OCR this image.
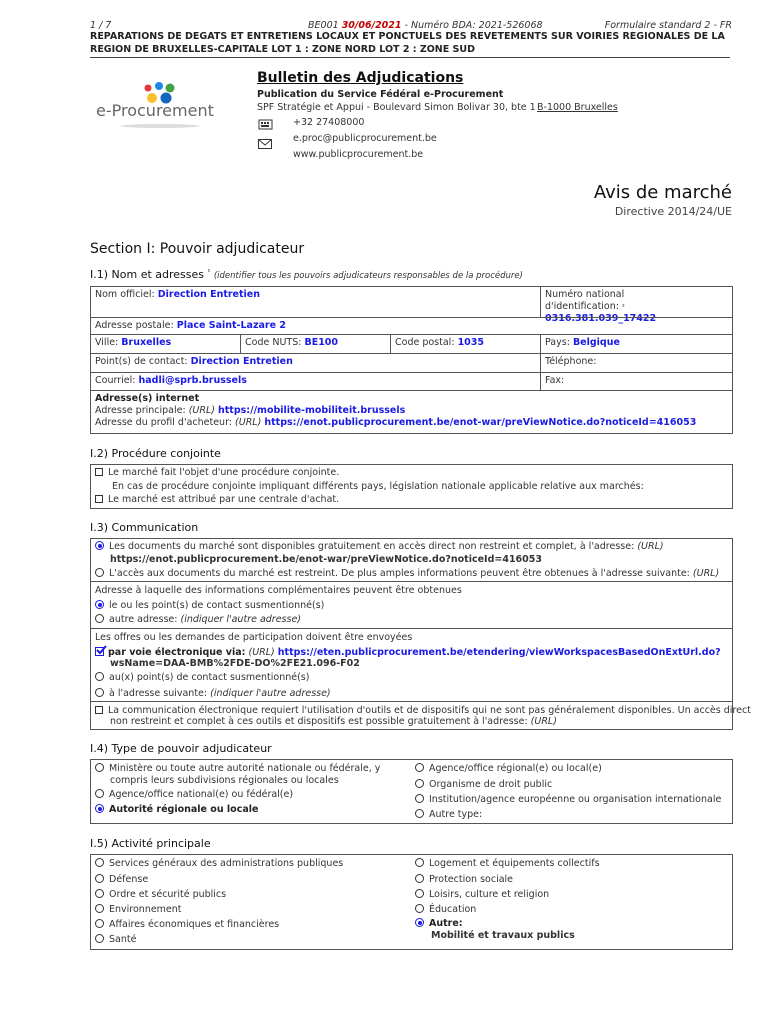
1 / 7	BE001 30/06/2021 - Numéro BDA: 2021-526068	Formulaire standard 2 - FR
REPARATIONS DE DEGATS ET ENTRETIENS LOCAUX ET PONCTUELS DES REVETEMENTS SUR VOIRIES REGIONALES DE LA REGION DE BRUXELLES-CAPITALE LOT 1 : ZONE NORD LOT 2 : ZONE SUD
e-Procurement
Bulletin des Adjudications
Publication du Service Fédéral e-Procurement
SPF Stratégie et Appui - Boulevard Simon Bolivar 30, bte 1 B-1000 Bruxelles
+32 27408000
e.proc@publicprocurement.be
www.publicprocurement.be
Avis de marché
Directive 2014/24/UE
Section I: Pouvoir adjudicateur
I.1) Nom et adresses $^{^1}$ (identifier tous les pouvoirs adjudicateurs responsables de la procédure)
Nom officiel: Direction Entretien	Numéro national
d'identification: $^{^2}$ 0316.381.039_17422
Adresse postale: Place Saint-Lazare 2
Ville: Bruxelles	Code NUTS: BE100	Code postal: 1035	Pays: Belgique
Point(s) de contact: Direction Entretien	Téléphone:
Courriel: hadli@sprb.brussels	Fax:
Adresse(s) internet
Adresse principale: (URL) https://mobilite-mobiliteit.brussels
Adresse du profil d'acheteur: (URL) https://enot.publicprocurement.be/enot-war/preViewNotice.do?noticeId=416053
I.2) Procédure conjointe
Le marché fait l'objet d'une procédure conjointe.
En cas de procédure conjointe impliquant différents pays, législation nationale applicable relative aux marchés:
Le marché est attribué par une centrale d'achat.
I.3) Communication
Les documents du marché sont disponibles gratuitement en accès direct non restreint et complet, à l'adresse: (URL)
https://enot.publicprocurement.be/enot-war/preViewNotice.do?noticeId=416053
L'accès aux documents du marché est restreint. De plus amples informations peuvent être obtenues à l'adresse suivante: (URL)
Adresse à laquelle des informations complémentaires peuvent être obtenues
le ou les point(s) de contact susmentionné(s)
autre adresse: (indiquer l'autre adresse)
Les offres ou les demandes de participation doivent être envoyées
par voie électronique via: (URL) https://eten.publicprocurement.be/etendering/viewWorkspacesBasedOnExtUrl.do?
wsName=DAA-BMB%2FDE-DO%2FE21.096-F02
au(x) point(s) de contact susmentionné(s)
à l'adresse suivante: (indiquer l'autre adresse)
La communication électronique requiert l'utilisation d'outils et de dispositifs qui ne sont pas généralement disponibles. Un accès direct
non restreint et complet à ces outils et dispositifs est possible gratuitement à l'adresse: (URL)
I.4) Type de pouvoir adjudicateur
Ministère ou toute autre autorité nationale ou fédérale, y
compris leurs subdivisions régionales ou locales
Agence/office national(e) ou fédéral(e)
Autorité régionale ou locale
Agence/office régional(e) ou local(e)
Organisme de droit public
Institution/agence européenne ou organisation internationale
Autre type:
I.5) Activité principale
Services généraux des administrations publiques
Défense
Ordre et sécurité publics
Environnement
Affaires économiques et financières
Santé
Logement et équipements collectifs
Protection sociale
Loisirs, culture et religion
Éducation
Autre:
Mobilité et travaux publics
